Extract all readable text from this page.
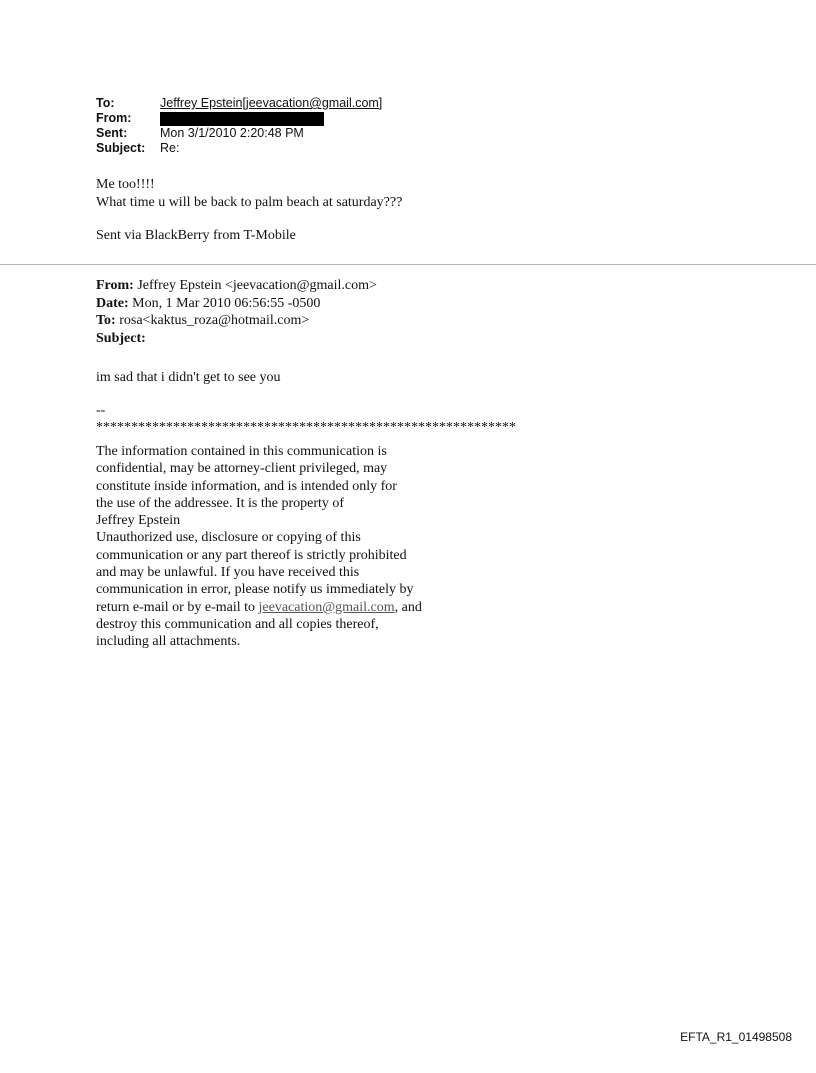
To:	Jeffrey Epstein[jeevacation@gmail.com]
From:
Sent:	Mon 3/1/2010 2:20:48 PM
Subject:	Re:

Me too!!!!

What time u will be back to palm beach at saturday???

Sent via BlackBerry from T-Mobile
From: Jeffrey Epstein <jeevacation@gmail.com>
Date: Mon, 1 Mar 2010 06:56:55 -0500
To: rosa<kaktus_roza@hotmail.com>
Subject:
im sad that i didn't get to see you
--
************************************************************
The information contained in this communication is
confidential, may be attorney-client privileged, may
constitute inside information, and is intended only for
the use of the addressee. It is the property of
Jeffrey Epstein
Unauthorized use, disclosure or copying of this
communication or any part thereof is strictly prohibited
and may be unlawful. If you have received this
communication in error, please notify us immediately by
return e-mail or by e-mail to jeevacation@gmail.com, and
destroy this communication and all copies thereof,
including all attachments.
EFTA_R1_01498508
